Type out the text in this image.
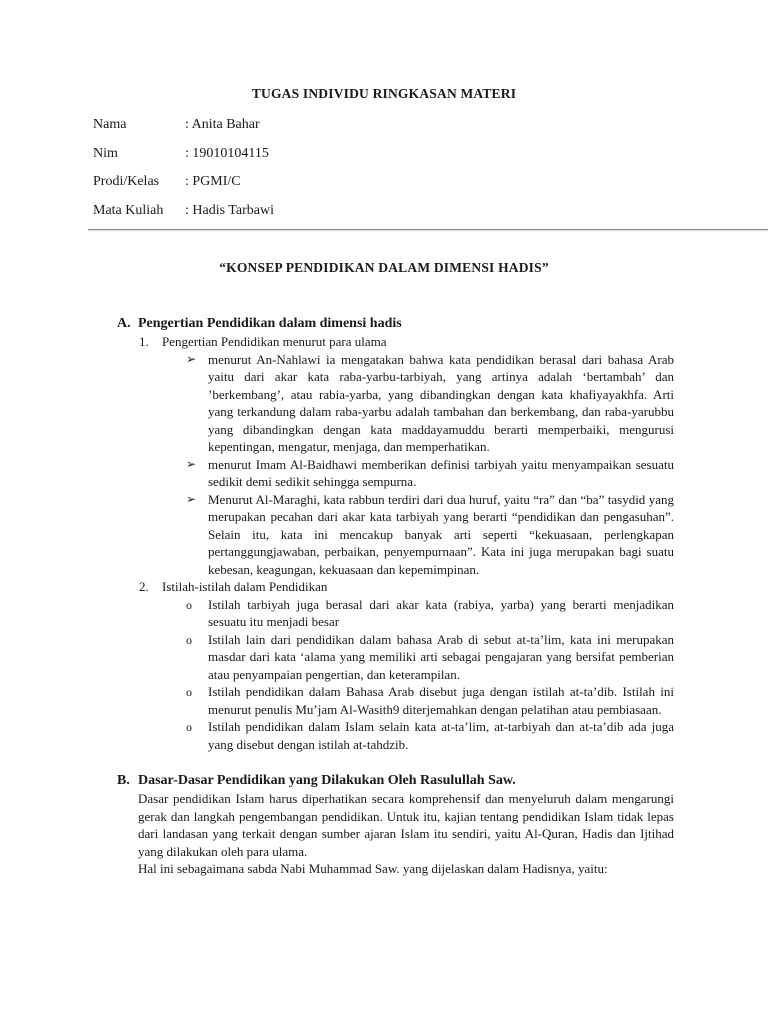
TUGAS INDIVIDU RINGKASAN MATERI
Nama	: Anita Bahar
Nim	: 19010104115
Prodi/Kelas	: PGMI/C
Mata Kuliah	: Hadis Tarbawi
“KONSEP PENDIDIKAN DALAM DIMENSI HADIS”
A. Pengertian Pendidikan dalam dimensi hadis
1. Pengertian Pendidikan menurut para ulama
➢ menurut An-Nahlawi ia mengatakan bahwa kata pendidikan berasal dari bahasa Arab yaitu dari akar kata raba-yarbu-tarbiyah, yang artinya adalah ‘bertambah’ dan ’berkembang’, atau rabia-yarba, yang dibandingkan dengan kata khafiyayakhfa. Arti yang terkandung dalam raba-yarbu adalah tambahan dan berkembang, dan raba-yarubbu yang dibandingkan dengan kata maddayamuddu berarti memperbaiki, mengurusi kepentingan, mengatur, menjaga, dan memperhatikan.
➢ menurut Imam Al-Baidhawi memberikan definisi tarbiyah yaitu menyampaikan sesuatu sedikit demi sedikit sehingga sempurna.
➢ Menurut Al-Maraghi, kata rabbun terdiri dari dua huruf, yaitu “ra” dan “ba” tasydid yang merupakan pecahan dari akar kata tarbiyah yang berarti “pendidikan dan pengasuhan”. Selain itu, kata ini mencakup banyak arti seperti “kekuasaan, perlengkapan pertanggungjawaban, perbaikan, penyempurnaan”. Kata ini juga merupakan bagi suatu kebesan, keagungan, kekuasaan dan kepemimpinan.
2. Istilah-istilah dalam Pendidikan
o Istilah tarbiyah juga berasal dari akar kata (rabiya, yarba) yang berarti menjadikan sesuatu itu menjadi besar
o Istilah lain dari pendidikan dalam bahasa Arab di sebut at-ta’lim, kata ini merupakan masdar dari kata ‘alama yang memiliki arti sebagai pengajaran yang bersifat pemberian atau penyampaian pengertian, dan keterampilan.
o Istilah pendidikan dalam Bahasa Arab disebut juga dengan istilah at-ta’dib. Istilah ini menurut penulis Mu’jam Al-Wasith9 diterjemahkan dengan pelatihan atau pembiasaan.
o Istilah pendidikan dalam Islam selain kata at-ta’lim, at-tarbiyah dan at-ta’dib ada juga yang disebut dengan istilah at-tahdzib.
B. Dasar-Dasar Pendidikan yang Dilakukan Oleh Rasulullah Saw.
Dasar pendidikan Islam harus diperhatikan secara komprehensif dan menyeluruh dalam mengarungi gerak dan langkah pengembangan pendidikan. Untuk itu, kajian tentang pendidikan Islam tidak lepas dari landasan yang terkait dengan sumber ajaran Islam itu sendiri, yaitu Al-Quran, Hadis dan Ijtihad yang dilakukan oleh para ulama.
Hal ini sebagaimana sabda Nabi Muhammad Saw. yang dijelaskan dalam Hadisnya, yaitu:
